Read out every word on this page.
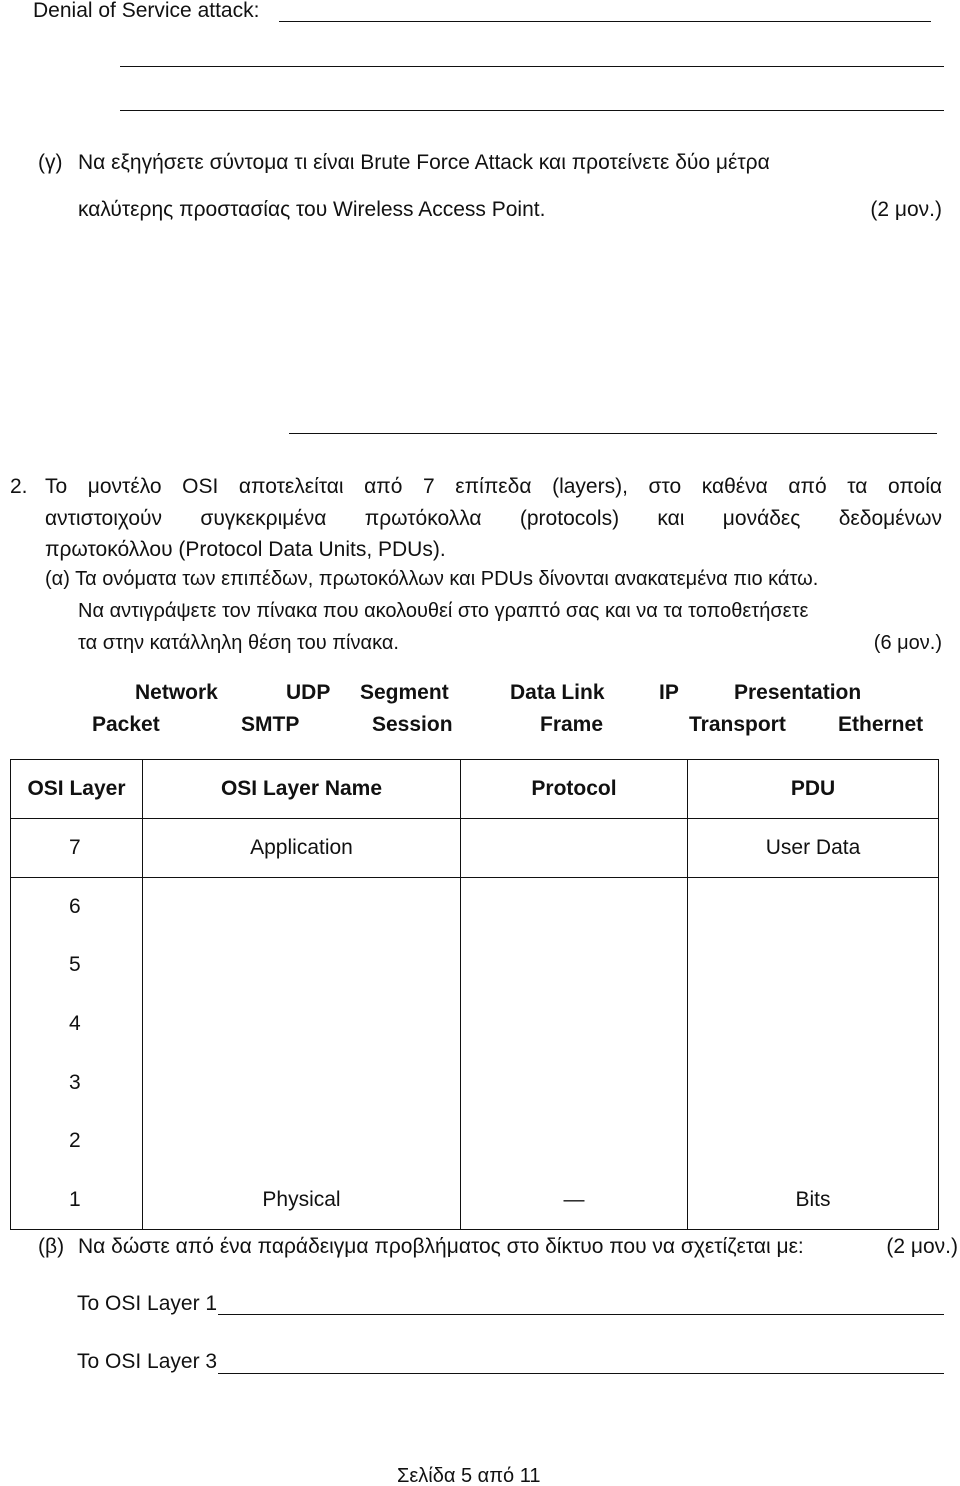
Denial of Service attack:
(γ) Να εξηγήσετε σύντομα τι είναι Brute Force Attack και προτείνετε δύο μέτρα
καλύτερης προστασίας του Wireless Access Point.	(2 μον.)
2. Το μοντέλο OSI αποτελείται από 7 επίπεδα (layers), στο καθένα από τα οποία
αντιστοιχούν συγκεκριμένα πρωτόκολλα (protocols) και μονάδες δεδομένων
πρωτοκόλλου (Protocol Data Units, PDUs).
(α) Τα ονόματα των επιπέδων, πρωτοκόλλων και PDUs δίνονται ανακατεμένα πιο κάτω.
Να αντιγράψετε τον πίνακα που ακολουθεί στο γραπτό σας και να τα τοποθετήσετε
τα στην κατάλληλη θέση του πίνακα.	(6 μον.)
Network	UDP Segment	Data Link	IP	Presentation
Packet	SMTP	Session	Frame	Transport Ethernet
OSI Layer	OSI Layer Name	Protocol	PDU
7	Application		User Data
6			
5			
4			
3			
2			
1	Physical	—	Bits
(β) Να δώστε από ένα παράδειγμα προβλήματος στο δίκτυο που να σχετίζεται με:	(2 μον.)
Το OSI Layer 1
Το OSI Layer 3
Σελίδα 5 από 11
